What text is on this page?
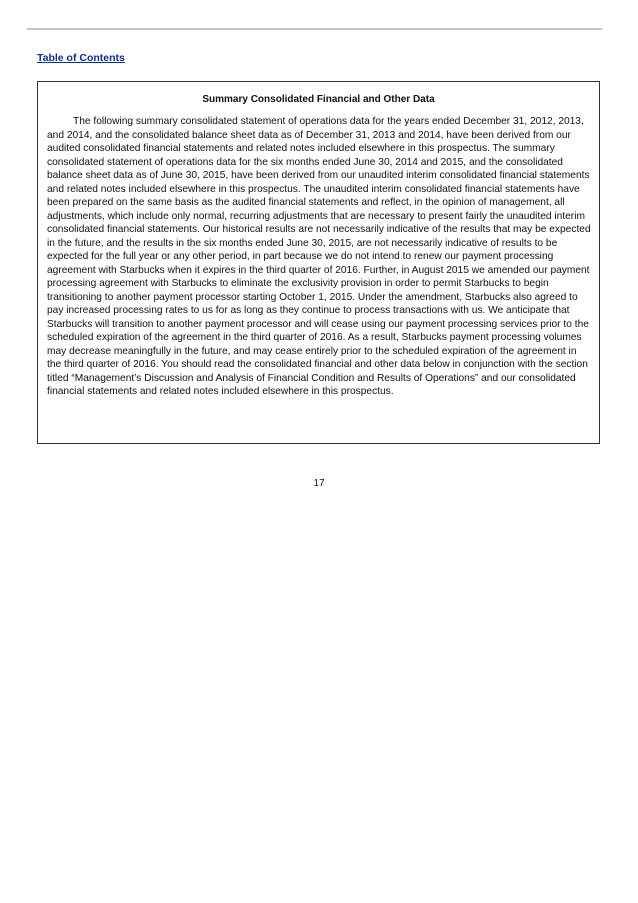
Table of Contents
Summary Consolidated Financial and Other Data

The following summary consolidated statement of operations data for the years ended December 31, 2012, 2013, and 2014, and the consolidated balance sheet data as of December 31, 2013 and 2014, have been derived from our audited consolidated financial statements and related notes included elsewhere in this prospectus. The summary consolidated statement of operations data for the six months ended June 30, 2014 and 2015, and the consolidated balance sheet data as of June 30, 2015, have been derived from our unaudited interim consolidated financial statements and related notes included elsewhere in this prospectus. The unaudited interim consolidated financial statements have been prepared on the same basis as the audited financial statements and reflect, in the opinion of management, all adjustments, which include only normal, recurring adjustments that are necessary to present fairly the unaudited interim consolidated financial statements. Our historical results are not necessarily indicative of the results that may be expected in the future, and the results in the six months ended June 30, 2015, are not necessarily indicative of results to be expected for the full year or any other period, in part because we do not intend to renew our payment processing agreement with Starbucks when it expires in the third quarter of 2016. Further, in August 2015 we amended our payment processing agreement with Starbucks to eliminate the exclusivity provision in order to permit Starbucks to begin transitioning to another payment processor starting October 1, 2015. Under the amendment, Starbucks also agreed to pay increased processing rates to us for as long as they continue to process transactions with us. We anticipate that Starbucks will transition to another payment processor and will cease using our payment processing services prior to the scheduled expiration of the agreement in the third quarter of 2016. As a result, Starbucks payment processing volumes may decrease meaningfully in the future, and may cease entirely prior to the scheduled expiration of the agreement in the third quarter of 2016. You should read the consolidated financial and other data below in conjunction with the section titled “Management’s Discussion and Analysis of Financial Condition and Results of Operations” and our consolidated financial statements and related notes included elsewhere in this prospectus.

17
